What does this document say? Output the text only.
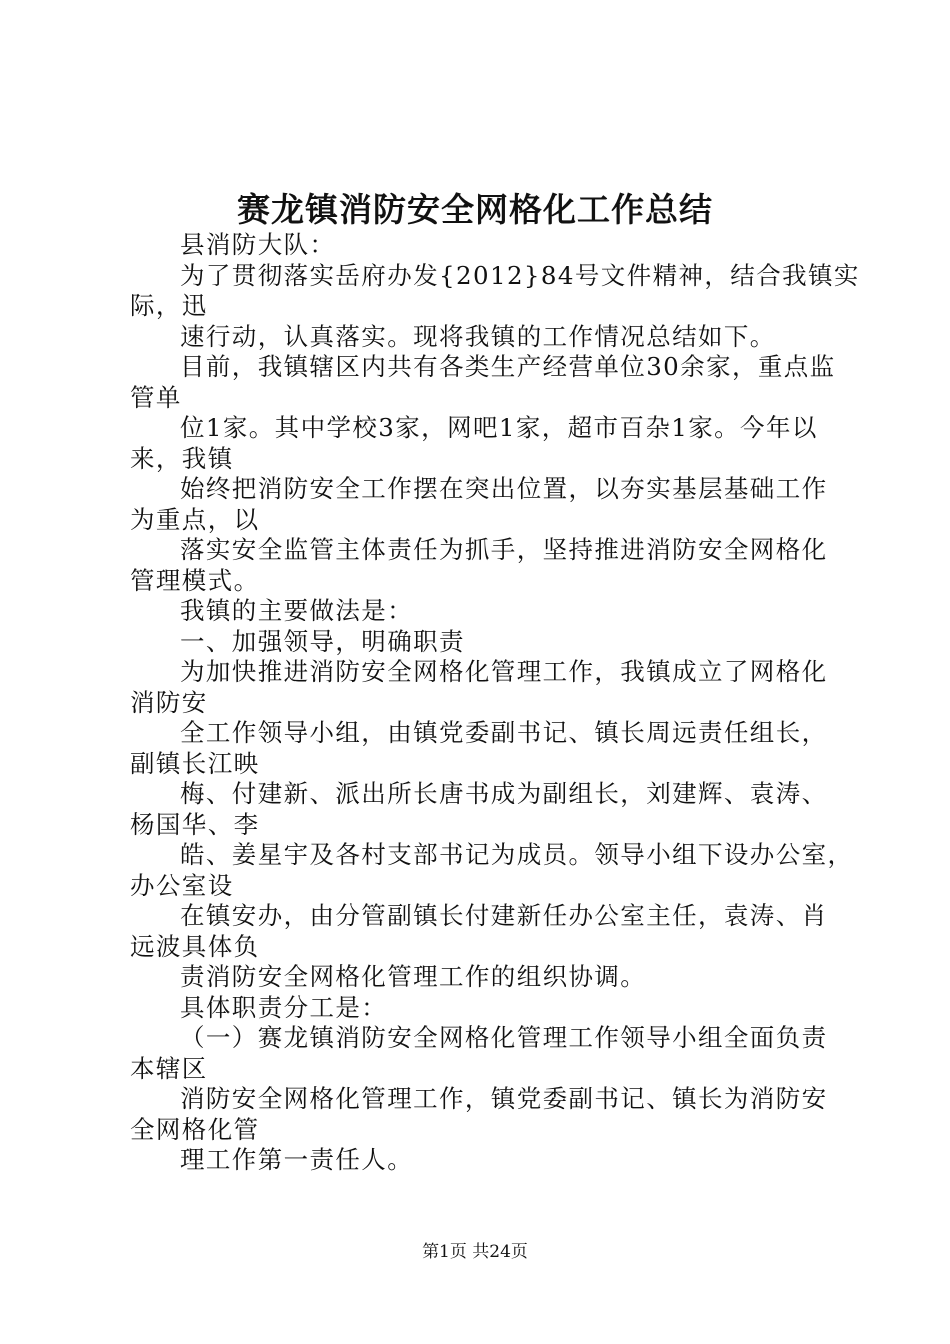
赛龙镇消防安全网格化工作总结
县消防大队：
为了贯彻落实岳府办发{2012}84号文件精神，结合我镇实
际，迅
速行动，认真落实。现将我镇的工作情况总结如下。
目前，我镇辖区内共有各类生产经营单位30余家，重点监
管单
位1家。其中学校3家，网吧1家，超市百杂1家。今年以
来，我镇
始终把消防安全工作摆在突出位置，以夯实基层基础工作
为重点，以
落实安全监管主体责任为抓手，坚持推进消防安全网格化
管理模式。
我镇的主要做法是：
一、加强领导，明确职责
为加快推进消防安全网格化管理工作，我镇成立了网格化
消防安
全工作领导小组，由镇党委副书记、镇长周远责任组长，
副镇长江映
梅、付建新、派出所长唐书成为副组长，刘建辉、袁涛、
杨国华、李
皓、姜星宇及各村支部书记为成员。领导小组下设办公室，
办公室设
在镇安办，由分管副镇长付建新任办公室主任，袁涛、肖
远波具体负
责消防安全网格化管理工作的组织协调。
具体职责分工是：
（一）赛龙镇消防安全网格化管理工作领导小组全面负责
本辖区
消防安全网格化管理工作，镇党委副书记、镇长为消防安
全网格化管
理工作第一责任人。
第1页 共24页
